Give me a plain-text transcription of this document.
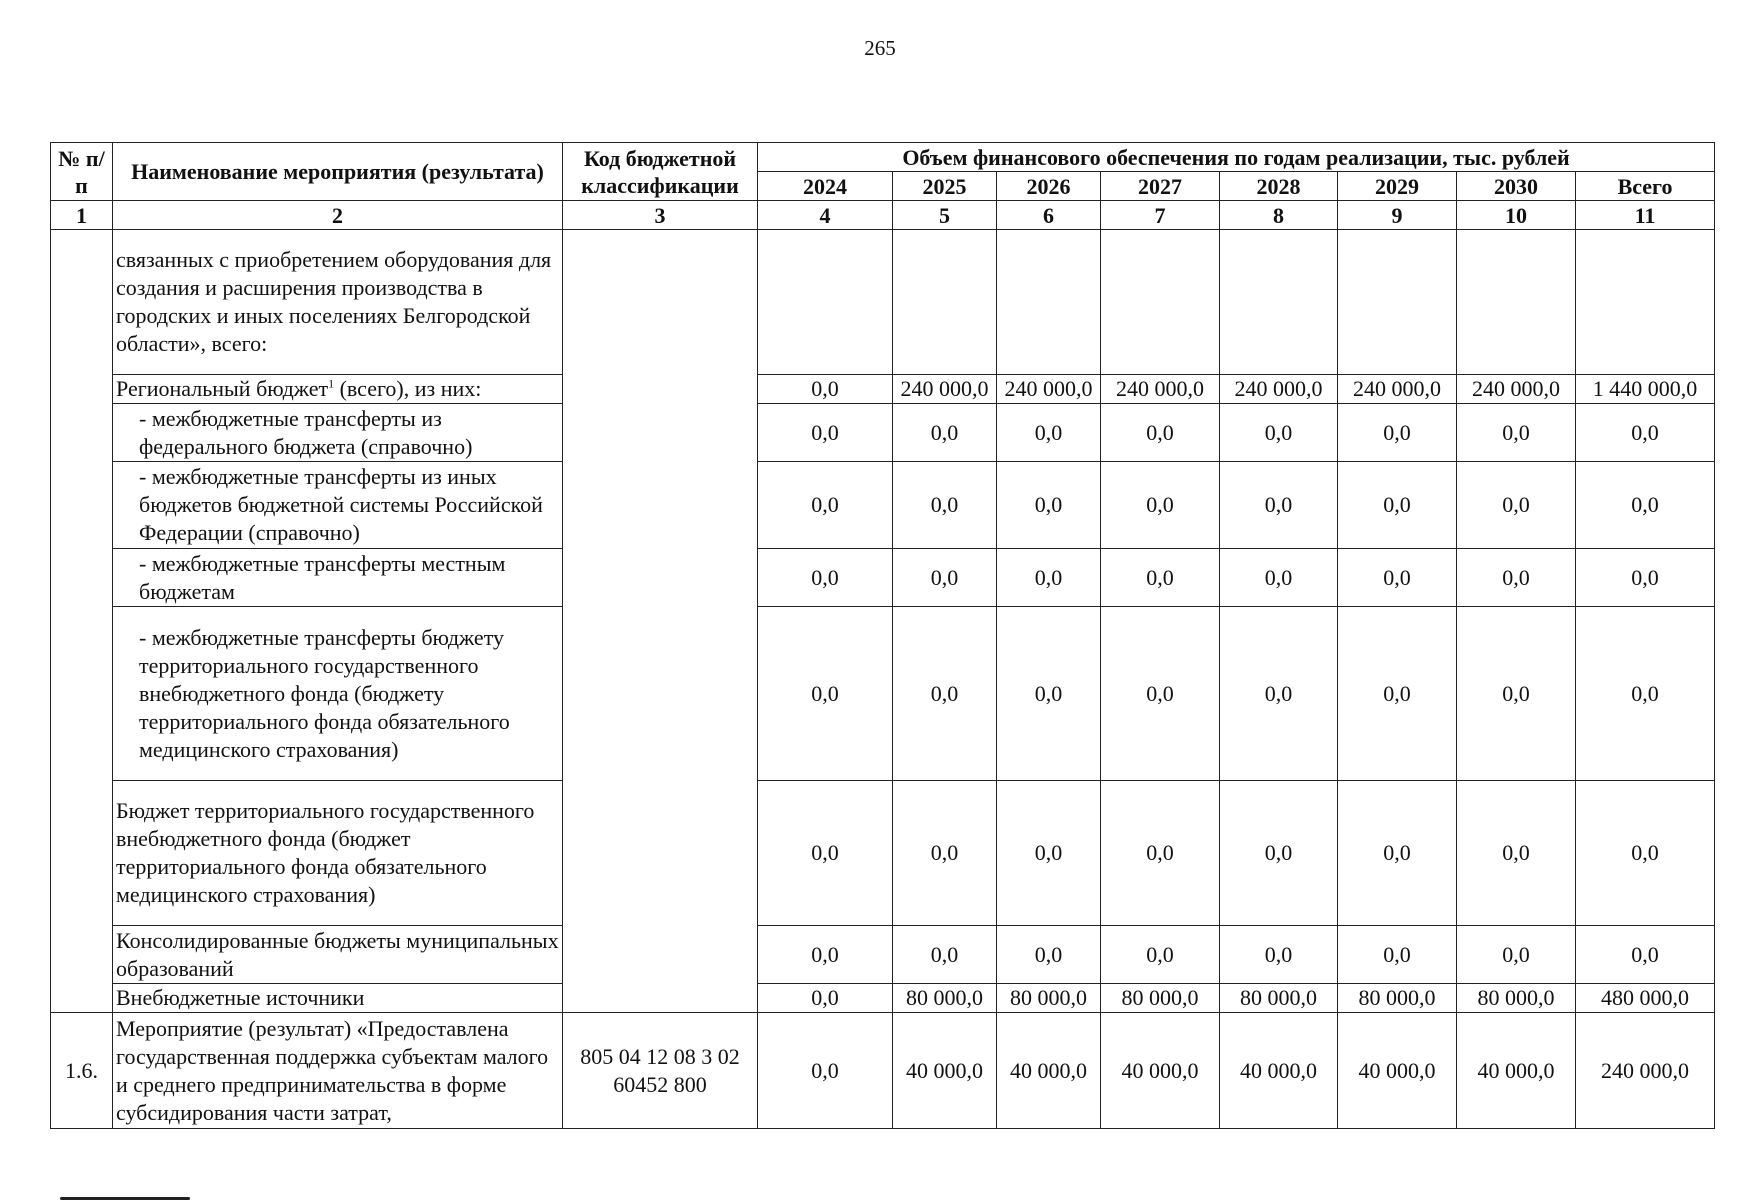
265
№ п/п	Наименование мероприятия (результата)	Код бюджетной классификации	Объем финансового обеспечения по годам реализации, тыс. рублей							
			2024	2025	2026	2027	2028	2029	2030	Всего
1	2	3	4	5	6	7	8	9	10	11
	связанных с приобретением оборудования для создания и расширения производства в городских и иных поселениях Белгородской области», всего:									
	Региональный бюджет$^1$ (всего), из них:		0,0	240 000,0	240 000,0	240 000,0	240 000,0	240 000,0	240 000,0	1 440 000,0
	- межбюджетные трансферты из федерального бюджета (справочно)		0,0	0,0	0,0	0,0	0,0	0,0	0,0	0,0
	- межбюджетные трансферты из иных бюджетов бюджетной системы Российской Федерации (справочно)		0,0	0,0	0,0	0,0	0,0	0,0	0,0	0,0
	- межбюджетные трансферты местным бюджетам		0,0	0,0	0,0	0,0	0,0	0,0	0,0	0,0
	- межбюджетные трансферты бюджету территориального государственного внебюджетного фонда (бюджету территориального фонда обязательного медицинского страхования)		0,0	0,0	0,0	0,0	0,0	0,0	0,0	0,0
	Бюджет территориального государственного внебюджетного фонда (бюджет территориального фонда обязательного медицинского страхования)		0,0	0,0	0,0	0,0	0,0	0,0	0,0	0,0
	Консолидированные бюджеты муниципальных образований		0,0	0,0	0,0	0,0	0,0	0,0	0,0	0,0
	Внебюджетные источники		0,0	80 000,0	80 000,0	80 000,0	80 000,0	80 000,0	80 000,0	480 000,0
1.6.	Мероприятие (результат) «Предоставлена государственная поддержка субъектам малого и среднего предпринимательства в форме субсидирования части затрат,	805 04 12 08 3 02 60452 800	0,0	40 000,0	40 000,0	40 000,0	40 000,0	40 000,0	40 000,0	240 000,0
